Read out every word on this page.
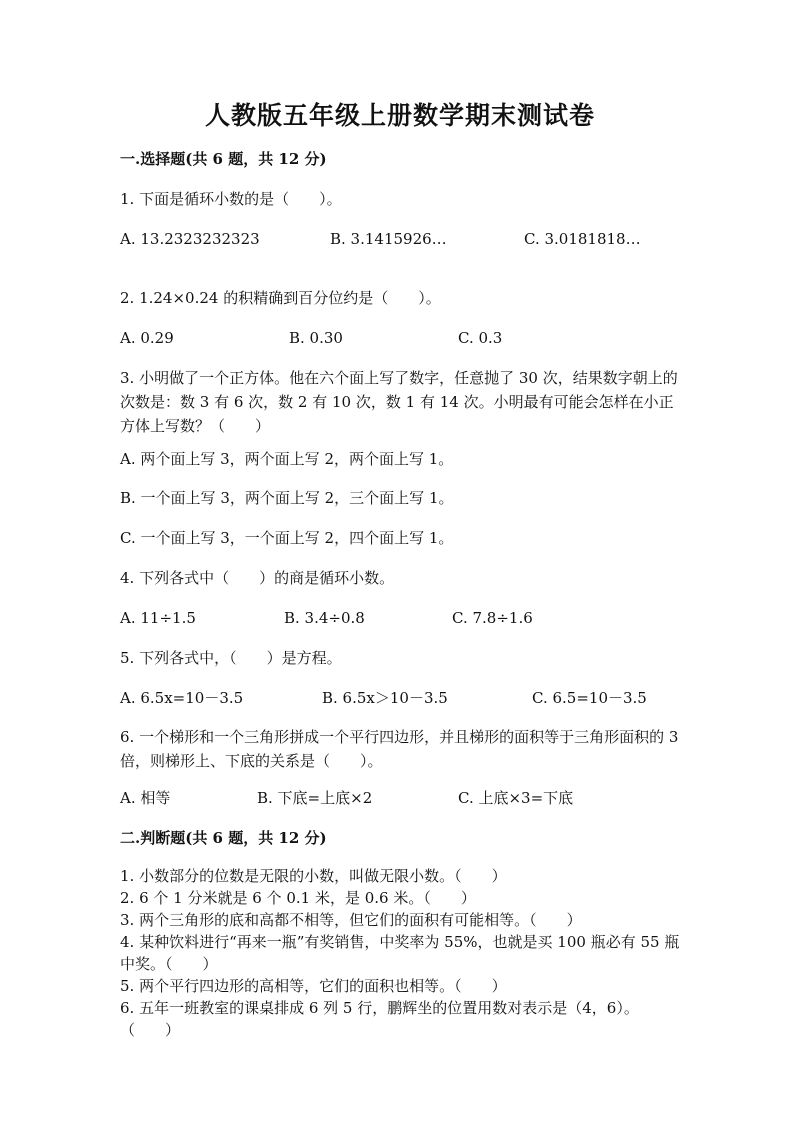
人教版五年级上册数学期末测试卷
一.选择题(共 6 题，共 12 分)
1. 下面是循环小数的是（　　）。
A. 13.2323232323	B. 3.1415926…	C. 3.0181818…
2. 1.24×0.24 的积精确到百分位约是（　　）。
A. 0.29	B. 0.30	C. 0.3
3. 小明做了一个正方体。他在六个面上写了数字，任意抛了 30 次，结果数字朝上的次数是：数 3 有 6 次，数 2 有 10 次，数 1 有 14 次。小明最有可能会怎样在小正方体上写数？（　　）
A. 两个面上写 3，两个面上写 2，两个面上写 1。
B. 一个面上写 3，两个面上写 2，三个面上写 1。
C. 一个面上写 3，一个面上写 2，四个面上写 1。
4. 下列各式中（　　）的商是循环小数。
A. 11÷1.5	B. 3.4÷0.8	C. 7.8÷1.6
5. 下列各式中，（　　）是方程。
A. 6.5x=10－3.5	B. 6.5x＞10－3.5	C. 6.5=10－3.5
6. 一个梯形和一个三角形拼成一个平行四边形，并且梯形的面积等于三角形面积的 3 倍，则梯形上、下底的关系是（　　）。
A. 相等	B. 下底=上底×2	C. 上底×3=下底
二.判断题(共 6 题，共 12 分)
1. 小数部分的位数是无限的小数，叫做无限小数。（　　）
2. 6 个 1 分米就是 6 个 0.1 米，是 0.6 米。（　　）
3. 两个三角形的底和高都不相等，但它们的面积有可能相等。（　　）
4. 某种饮料进行“再来一瓶”有奖销售，中奖率为 55%，也就是买 100 瓶必有 55 瓶中奖。（　　）
5. 两个平行四边形的高相等，它们的面积也相等。（　　）
6. 五年一班教室的课桌排成 6 列 5 行，鹏辉坐的位置用数对表示是（4，6）。（　　）
